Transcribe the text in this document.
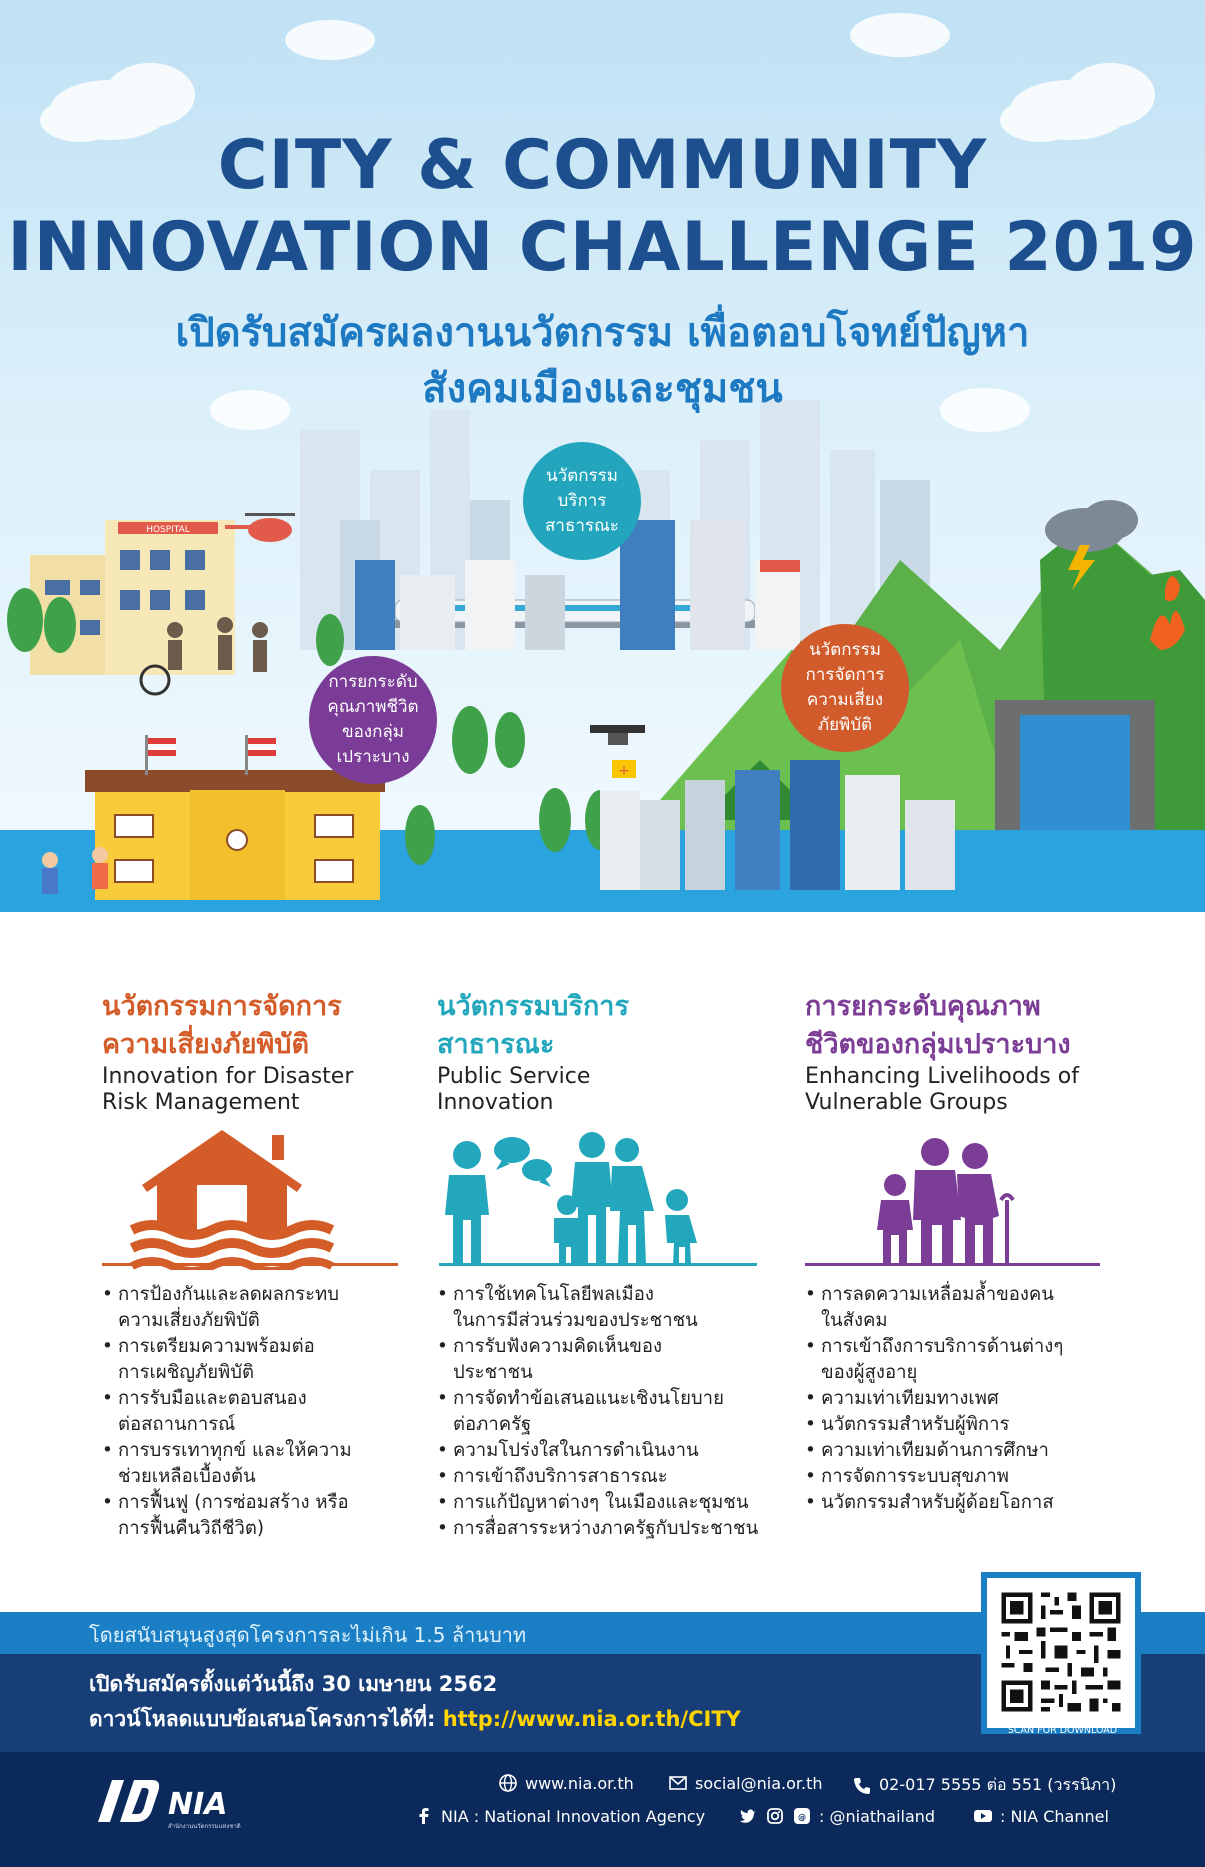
HOSPITAL
+
CITY & COMMUNITY
INNOVATION CHALLENGE 2019
เปิดรับสมัครผลงานนวัตกรรม เพื่อตอบโจทย์ปัญหา
สังคมเมืองและชุมชน
นวัตกรรม
บริการ
สาธารณะ
การยกระดับ
คุณภาพชีวิต
ของกลุ่ม
เปราะบาง
นวัตกรรม
การจัดการ
ความเสี่ยง
ภัยพิบัติ
นวัตกรรมการจัดการ
ความเสี่ยงภัยพิบัติ
Innovation for Disaster
Risk Management
• การป้องกันและลดผลกระทบ
ความเสี่ยงภัยพิบัติ
• การเตรียมความพร้อมต่อ
การเผชิญภัยพิบัติ
• การรับมือและตอบสนอง
ต่อสถานการณ์
• การบรรเทาทุกข์ และให้ความ
ช่วยเหลือเบื้องต้น
• การฟื้นฟู (การซ่อมสร้าง หรือ
การฟื้นคืนวิถีชีวิต)
นวัตกรรมบริการ
สาธารณะ
Public Service
Innovation
• การใช้เทคโนโลยีพลเมือง
ในการมีส่วนร่วมของประชาชน
• การรับฟังความคิดเห็นของ
ประชาชน
• การจัดทำข้อเสนอแนะเชิงนโยบาย
ต่อภาครัฐ
• ความโปร่งใสในการดำเนินงาน
• การเข้าถึงบริการสาธารณะ
• การแก้ปัญหาต่างๆ ในเมืองและชุมชน
• การสื่อสารระหว่างภาครัฐกับประชาชน
การยกระดับคุณภาพ
ชีวิตของกลุ่มเปราะบาง
Enhancing Livelihoods of
Vulnerable Groups
• การลดความเหลื่อมล้ำของคน
ในสังคม
• การเข้าถึงการบริการด้านต่างๆ
ของผู้สูงอายุ
• ความเท่าเทียมทางเพศ
• นวัตกรรมสำหรับผู้พิการ
• ความเท่าเทียมด้านการศึกษา
• การจัดการระบบสุขภาพ
• นวัตกรรมสำหรับผู้ด้อยโอกาส
โดยสนับสนุนสูงสุดโครงการละไม่เกิน 1.5 ล้านบาท
เปิดรับสมัครตั้งแต่วันนี้ถึง 30 เมษายน 2562
ดาวน์โหลดแบบข้อเสนอโครงการได้ที่: http://www.nia.or.th/CITY	SCAN FOR DOWNLOAD
NIA
สำนักงานนวัตกรรมแห่งชาติ
www.nia.or.th	social@nia.or.th	02-017 5555 ต่อ 551 (วรรนิภา)
NIA : National Innovation Agency	@ : @niathailand	: NIA Channel
